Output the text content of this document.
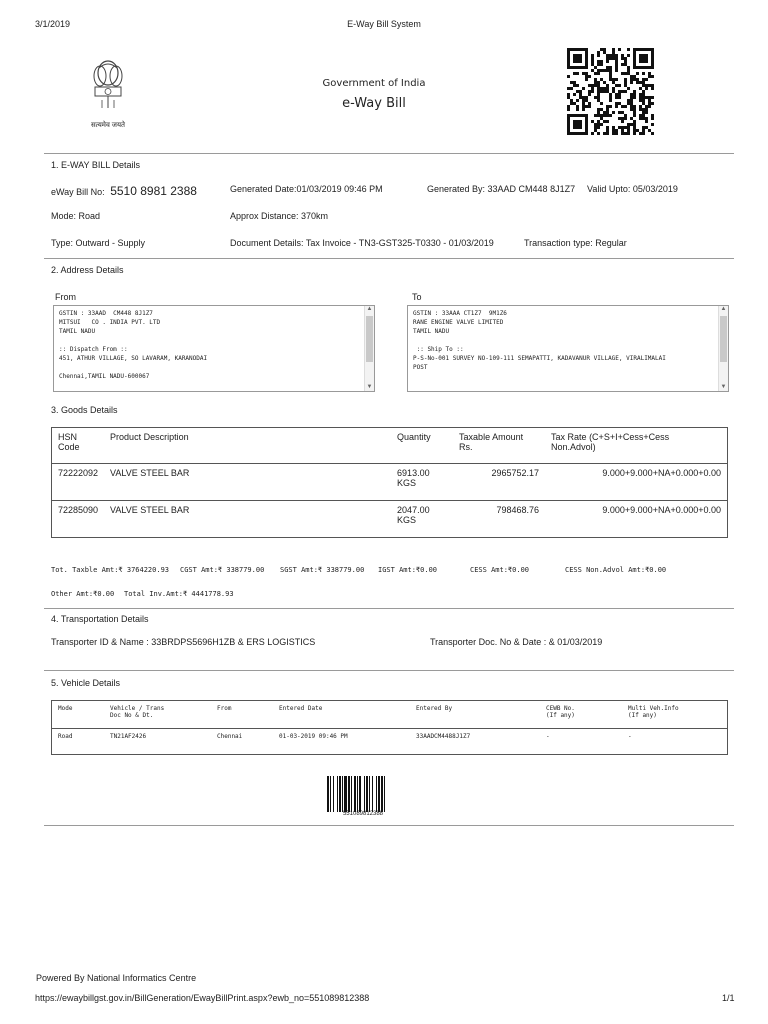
3/1/2019	E-Way Bill System
सत्यमेव जयते
Government of India
e-Way Bill
1. E-WAY BILL Details
eWay Bill No: 5510 8981 2388	Generated Date:01/03/2019 09:46 PM	Generated By: 33AAD CM448 8J1Z7 Valid Upto: 05/03/2019
Mode: Road	Approx Distance: 370km
Type: Outward - Supply	Document Details: Tax Invoice - TN3-GST325-T0330 - 01/03/2019	Transaction type: Regular
2. Address Details
From	To
GSTIN : 33AAD  CM448 8J1Z7
MITSUI   CO . INDIA PVT. LTD
TAMIL NADU

:: Dispatch From ::
451, ATHUR VILLAGE, SO LAVARAM, KARANODAI

Chennai,TAMIL NADU-600067
▲
▼
GSTIN : 33AAA CT1Z7  9M1Z6
RANE ENGINE VALVE LIMITED
TAMIL NADU

:: Ship To ::
P-S-No-001 SURVEY NO-109-111 SEMAPATTI, KADAVANUR VILLAGE, VIRALIMALAI
POST
▲
▼
3. Goods Details
HSN
Code	Product Description	Quantity	Taxable Amount
Rs.	Tax Rate (C+S+I+Cess+Cess
Non.Advol)
72222092	VALVE STEEL BAR	6913.00
KGS	2965752.17	9.000+9.000+NA+0.000+0.00
72285090	VALVE STEEL BAR	2047.00
KGS	798468.76	9.000+9.000+NA+0.000+0.00
Tot. Taxble Amt:₹ 3764220.93 CGST Amt:₹ 338779.00 SGST Amt:₹ 338779.00 IGST Amt:₹0.00	CESS Amt:₹0.00	CESS Non.Advol Amt:₹0.00
Other Amt:₹0.00 Total Inv.Amt:₹ 4441778.93
4. Transportation Details
Transporter ID & Name : 33BRDPS5696H1ZB & ERS LOGISTICS	Transporter Doc. No & Date : & 01/03/2019
5. Vehicle Details
Mode	Vehicle / Trans
Doc No & Dt.	From	Entered Date	Entered By	CEWB No.
(If any)	Multi Veh.Info
(If any)
Road	TN21AF2426	Chennai	01-03-2019 09:46 PM	33AADCM4488J1Z7	-	-
551089812388
Powered By National Informatics Centre
https://ewaybillgst.gov.in/BillGeneration/EwayBillPrint.aspx?ewb_no=551089812388	1/1
